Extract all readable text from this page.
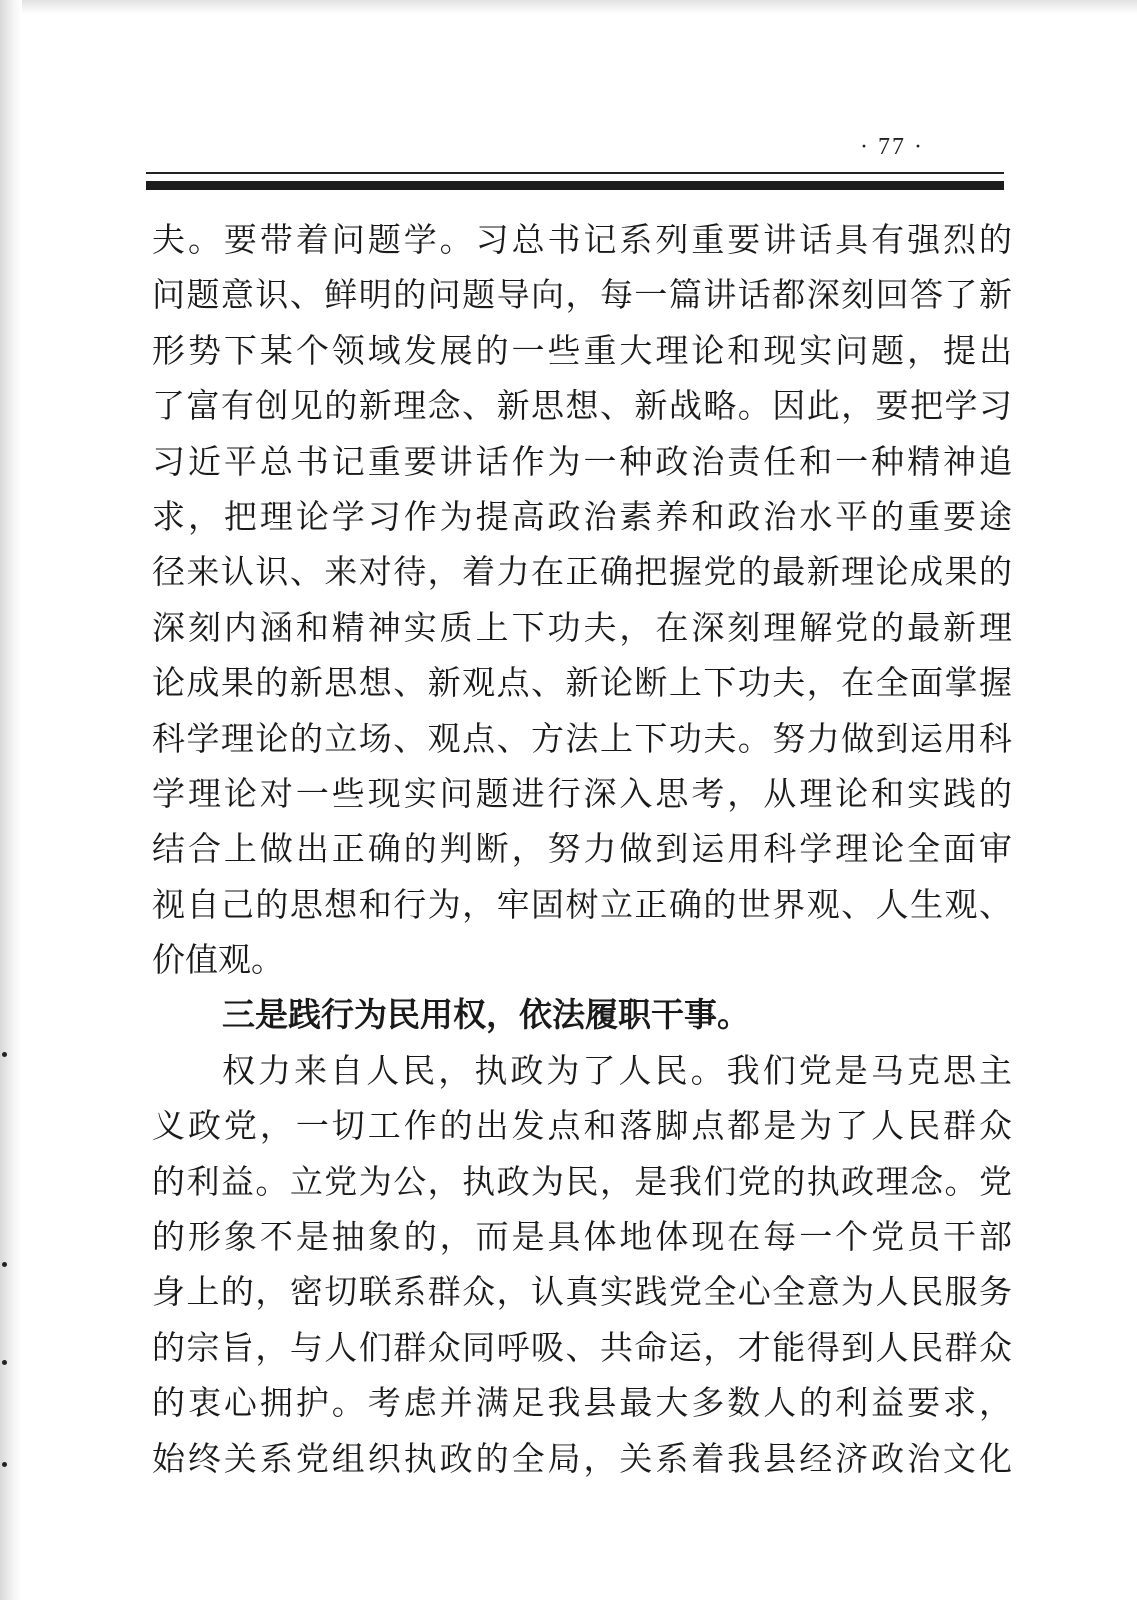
· 77 ·
夫。要带着问题学。习总书记系列重要讲话具有强烈的
问题意识、鲜明的问题导向，每一篇讲话都深刻回答了新
形势下某个领域发展的一些重大理论和现实问题，提出
了富有创见的新理念、新思想、新战略。因此，要把学习
习近平总书记重要讲话作为一种政治责任和一种精神追
求，把理论学习作为提高政治素养和政治水平的重要途
径来认识、来对待，着力在正确把握党的最新理论成果的
深刻内涵和精神实质上下功夫，在深刻理解党的最新理
论成果的新思想、新观点、新论断上下功夫，在全面掌握
科学理论的立场、观点、方法上下功夫。努力做到运用科
学理论对一些现实问题进行深入思考，从理论和实践的
结合上做出正确的判断，努力做到运用科学理论全面审
视自己的思想和行为，牢固树立正确的世界观、人生观、
价值观。
三是践行为民用权，依法履职干事。
权力来自人民，执政为了人民。我们党是马克思主
义政党，一切工作的出发点和落脚点都是为了人民群众
的利益。立党为公，执政为民，是我们党的执政理念。党
的形象不是抽象的，而是具体地体现在每一个党员干部
身上的，密切联系群众，认真实践党全心全意为人民服务
的宗旨，与人们群众同呼吸、共命运，才能得到人民群众
的衷心拥护。考虑并满足我县最大多数人的利益要求，
始终关系党组织执政的全局，关系着我县经济政治文化
